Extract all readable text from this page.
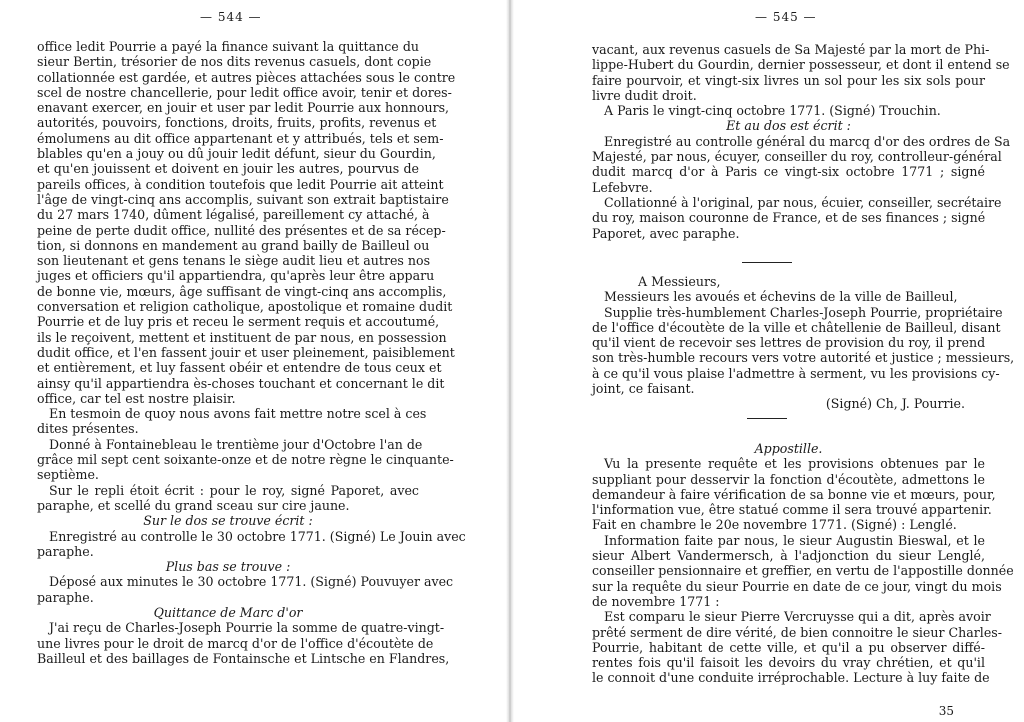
— 544 —
office ledit Pourrie a payé la finance suivant la quittance du
sieur Bertin, trésorier de nos dits revenus casuels, dont copie
collationnée est gardée, et autres pièces attachées sous le contre
scel de nostre chancellerie, pour ledit office avoir, tenir et dores-
enavant exercer, en jouir et user par ledit Pourrie aux honnours,
autorités, pouvoirs, fonctions, droits, fruits, profits, revenus et
émolumens au dit office appartenant et y attribués, tels et sem-
blables qu'en a jouy ou dû jouir ledit défunt, sieur du Gourdin,
et qu'en jouissent et doivent en jouir les autres, pourvus de
pareils offices, à condition toutefois que ledit Pourrie ait atteint
l'âge de vingt-cinq ans accomplis, suivant son extrait baptistaire
du 27 mars 1740, dûment légalisé, pareillement cy attaché, à
peine de perte dudit office, nullité des présentes et de sa récep-
tion, si donnons en mandement au grand bailly de Bailleul ou
son lieutenant et gens tenans le siège audit lieu et autres nos
juges et officiers qu'il appartiendra, qu'après leur être apparu
de bonne vie, mœurs, âge suffisant de vingt-cinq ans accomplis,
conversation et religion catholique, apostolique et romaine dudit
Pourrie et de luy pris et receu le serment requis et accoutumé,
ils le reçoivent, mettent et instituent de par nous, en possession
dudit office, et l'en fassent jouir et user pleinement, paisiblement
et entièrement, et luy fassent obéir et entendre de tous ceux et
ainsy qu'il appartiendra ès-choses touchant et concernant le dit
office, car tel est nostre plaisir.
En tesmoin de quoy nous avons fait mettre notre scel à ces
dites présentes.
Donné à Fontainebleau le trentième jour d'Octobre l'an de
grâce mil sept cent soixante-onze et de notre règne le cinquante-
septième.
Sur le repli étoit écrit : pour le roy, signé Paporet, avec
paraphe, et scellé du grand sceau sur cire jaune.
Sur le dos se trouve écrit :
Enregistré au controlle le 30 octobre 1771. (Signé) Le Jouin avec
paraphe.
Plus bas se trouve :
Déposé aux minutes le 30 octobre 1771. (Signé) Pouvuyer avec
paraphe.
Quittance de Marc d'or
J'ai reçu de Charles-Joseph Pourrie la somme de quatre-vingt-
une livres pour le droit de marcq d'or de l'office d'écoutète de
Bailleul et des baillages de Fontainsche et Lintsche en Flandres,
— 545 —
vacant, aux revenus casuels de Sa Majesté par la mort de Phi-
lippe-Hubert du Gourdin, dernier possesseur, et dont il entend se
faire pourvoir, et vingt-six livres un sol pour les six sols pour
livre dudit droit.
A Paris le vingt-cinq octobre 1771. (Signé) Trouchin.
Et au dos est écrit :
Enregistré au controlle général du marcq d'or des ordres de Sa
Majesté, par nous, écuyer, conseiller du roy, controlleur-général
dudit marcq d'or à Paris ce vingt-six octobre 1771 ; signé
Lefebvre.
Collationné à l'original, par nous, écuier, conseiller, secrétaire
du roy, maison couronne de France, et de ses finances ; signé
Paporet, avec paraphe.
A Messieurs,
Messieurs les avoués et échevins de la ville de Bailleul,
Supplie très-humblement Charles-Joseph Pourrie, propriétaire
de l'office d'écoutète de la ville et châtellenie de Bailleul, disant
qu'il vient de recevoir ses lettres de provision du roy, il prend
son très-humble recours vers votre autorité et justice ; messieurs,
à ce qu'il vous plaise l'admettre à serment, vu les provisions cy-
joint, ce faisant.
(Signé) Ch, J. Pourrie.
Appostille.
Vu la presente requête et les provisions obtenues par le
suppliant pour desservir la fonction d'écoutète, admettons le
demandeur à faire vérification de sa bonne vie et mœurs, pour,
l'information vue, être statué comme il sera trouvé appartenir.
Fait en chambre le 20e novembre 1771. (Signé) : Lenglé.
Information faite par nous, le sieur Augustin Bieswal, et le
sieur Albert Vandermersch, à l'adjonction du sieur Lenglé,
conseiller pensionnaire et greffier, en vertu de l'appostille donnée
sur la requête du sieur Pourrie en date de ce jour, vingt du mois
de novembre 1771 :
Est comparu le sieur Pierre Vercruysse qui a dit, après avoir
prêté serment de dire vérité, de bien connoitre le sieur Charles-
Pourrie, habitant de cette ville, et qu'il a pu observer diffé-
rentes fois qu'il faisoit les devoirs du vray chrétien, et qu'il
le connoit d'une conduite irréprochable. Lecture à luy faite de
35
